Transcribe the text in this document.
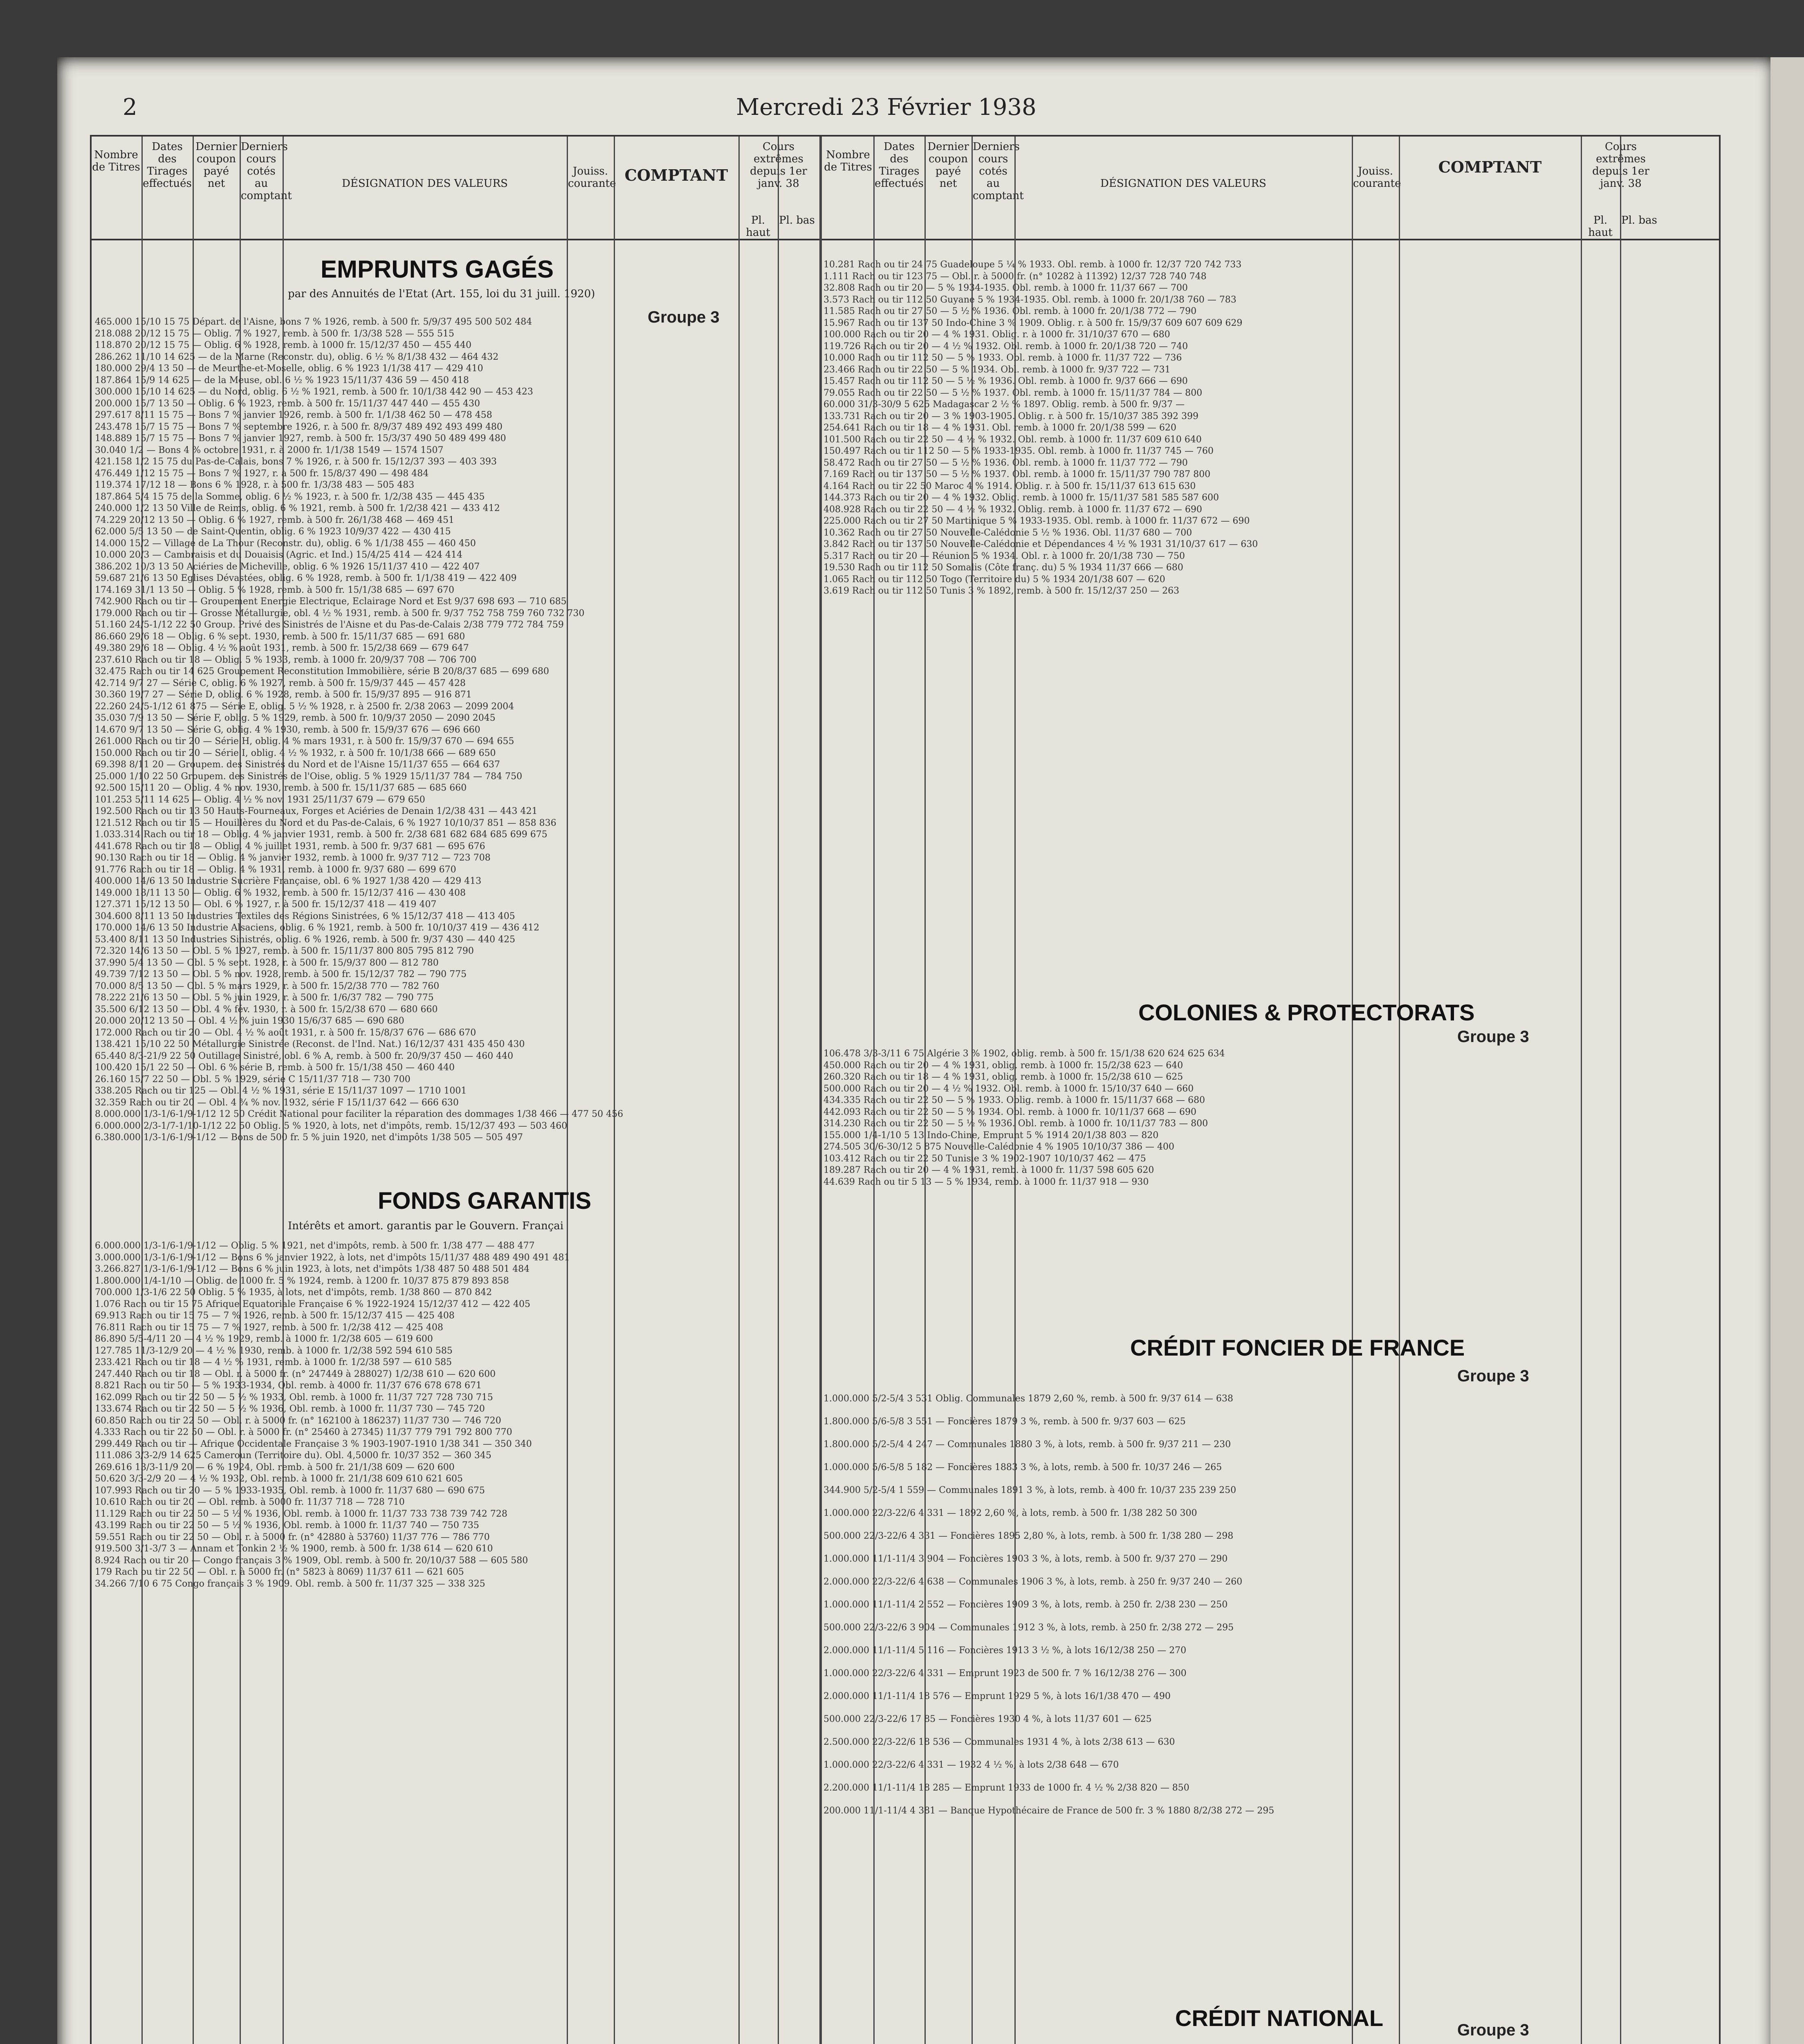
2	Mercredi 23 Février 1938
Nombre de Titres
Dates des Tirages effectués
Dernier coupon payé net
Derniers cours cotés au comptant
DÉSIGNATION DES VALEURS
Jouiss. courante COMPTANT
Cours extrêmes depuis 1er janv. 38
Pl. haut
Pl. bas
Nombre de Titres
Dates des Tirages effectués
Dernier coupon payé net
Derniers cours cotés au comptant
DÉSIGNATION DES VALEURS
Jouiss. courante
COMPTANT
Cours extrêmes depuis 1er janv. 38
Pl. haut
Pl. bas
EMPRUNTS GAGÉS
par des Annuités de l'Etat (Art. 155, loi du 31 juill. 1920)
Groupe 3
465.000 15/10 15 75 Départ. de l'Aisne, bons 7 % 1926, remb. à 500 fr. 5/9/37 495 500 502 484
218.088 20/12 15 75 — Oblig. 7 % 1927, remb. à 500 fr. 1/3/38 528 — 555 515
118.870 20/12 15 75 — Oblig. 6 % 1928, remb. à 1000 fr. 15/12/37 450 — 455 440
286.262 11/10 14 625 — de la Marne (Reconstr. du), oblig. 6 ½ % 8/1/38 432 — 464 432
180.000 29/4 13 50 — de Meurthe-et-Moselle, oblig. 6 % 1923 1/1/38 417 — 429 410
187.864 15/9 14 625 — de la Meuse, obl. 6 ½ % 1923 15/11/37 436 59 — 450 418
300.000 15/10 14 625 — du Nord, oblig. 6 ½ % 1921, remb. à 500 fr. 10/1/38 442 90 — 453 423
200.000 15/7 13 50 — Oblig. 6 % 1923, remb. à 500 fr. 15/11/37 447 440 — 455 430
297.617 8/11 15 75 — Bons 7 % janvier 1926, remb. à 500 fr. 1/1/38 462 50 — 478 458
243.478 15/7 15 75 — Bons 7 % septembre 1926, r. à 500 fr. 8/9/37 489 492 493 499 480
148.889 15/7 15 75 — Bons 7 % janvier 1927, remb. à 500 fr. 15/3/37 490 50 489 499 480
30.040 1/2 — Bons 4 % octobre 1931, r. à 2000 fr. 1/1/38 1549 — 1574 1507
421.158 1/2 15 75 du Pas-de-Calais, bons 7 % 1926, r. à 500 fr. 15/12/37 393 — 403 393
476.449 1/12 15 75 — Bons 7 % 1927, r. à 500 fr. 15/8/37 490 — 498 484
119.374 17/12 18 — Bons 6 % 1928, r. à 500 fr. 1/3/38 483 — 505 483
187.864 5/4 15 75 de la Somme, oblig. 6 ½ % 1923, r. à 500 fr. 1/2/38 435 — 445 435
240.000 1/2 13 50 Ville de Reims, oblig. 6 % 1921, remb. à 500 fr. 1/2/38 421 — 433 412
74.229 20/12 13 50 — Oblig. 6 % 1927, remb. à 500 fr. 26/1/38 468 — 469 451
62.000 5/5 13 50 — de Saint-Quentin, oblig. 6 % 1923 10/9/37 422 — 430 415
14.000 15/2 — Village de La Thour (Reconstr. du), oblig. 6 % 1/1/38 455 — 460 450
10.000 20/3 — Cambraisis et du Douaisis (Agric. et Ind.) 15/4/25 414 — 424 414
386.202 10/3 13 50 Aciéries de Micheville, oblig. 6 % 1926 15/11/37 410 — 422 407
59.687 21/6 13 50 Eglises Dévastées, oblig. 6 % 1928, remb. à 500 fr. 1/1/38 419 — 422 409
174.169 31/1 13 50 — Oblig. 5 % 1928, remb. à 500 fr. 15/1/38 685 — 697 670
742.900 Rach ou tir — Groupement Energie Electrique, Eclairage Nord et Est 9/37 698 693 — 710 685
179.000 Rach ou tir — Grosse Métallurgie, obl. 4 ½ % 1931, remb. à 500 fr. 9/37 752 758 759 760 732 730
51.160 24/5-1/12 22 50 Group. Privé des Sinistrés de l'Aisne et du Pas-de-Calais 2/38 779 772 784 759
86.660 29/6 18 — Oblig. 6 % sept. 1930, remb. à 500 fr. 15/11/37 685 — 691 680
49.380 29/6 18 — Oblig. 4 ½ % août 1931, remb. à 500 fr. 15/2/38 669 — 679 647
237.610 Rach ou tir 18 — Oblig. 5 % 1933, remb. à 1000 fr. 20/9/37 708 — 706 700
32.475 Rach ou tir 14 625 Groupement Reconstitution Immobilière, série B 20/8/37 685 — 699 680
42.714 9/7 27 — Série C, oblig. 6 % 1927, remb. à 500 fr. 15/9/37 445 — 457 428
30.360 19/7 27 — Série D, oblig. 6 % 1928, remb. à 500 fr. 15/9/37 895 — 916 871
22.260 24/5-1/12 61 875 — Série E, oblig. 5 ½ % 1928, r. à 2500 fr. 2/38 2063 — 2099 2004
35.030 7/9 13 50 — Série F, oblig. 5 % 1929, remb. à 500 fr. 10/9/37 2050 — 2090 2045
14.670 9/7 13 50 — Série G, oblig. 4 % 1930, remb. à 500 fr. 15/9/37 676 — 696 660
261.000 Rach ou tir 20 — Série H, oblig. 4 % mars 1931, r. à 500 fr. 15/9/37 670 — 694 655
150.000 Rach ou tir 20 — Série I, oblig. 4 ½ % 1932, r. à 500 fr. 10/1/38 666 — 689 650
69.398 8/11 20 — Groupem. des Sinistrés du Nord et de l'Aisne 15/11/37 655 — 664 637
25.000 1/10 22 50 Groupem. des Sinistrés de l'Oise, oblig. 5 % 1929 15/11/37 784 — 784 750
92.500 15/11 20 — Oblig. 4 % nov. 1930, remb. à 500 fr. 15/11/37 685 — 685 660
101.253 5/11 14 625 — Oblig. 4 ½ % nov. 1931 25/11/37 679 — 679 650
192.500 Rach ou tir 13 50 Hauts-Fourneaux, Forges et Aciéries de Denain 1/2/38 431 — 443 421
121.512 Rach ou tir 15 — Houillères du Nord et du Pas-de-Calais, 6 % 1927 10/10/37 851 — 858 836
1.033.314 Rach ou tir 18 — Oblig. 4 % janvier 1931, remb. à 500 fr. 2/38 681 682 684 685 699 675
441.678 Rach ou tir 18 — Oblig. 4 % juillet 1931, remb. à 500 fr. 9/37 681 — 695 676
90.130 Rach ou tir 18 — Oblig. 4 % janvier 1932, remb. à 1000 fr. 9/37 712 — 723 708
91.776 Rach ou tir 18 — Oblig. 4 % 1931, remb. à 1000 fr. 9/37 680 — 699 670
400.000 14/6 13 50 Industrie Sucrière Française, obl. 6 % 1927 1/38 420 — 429 413
149.000 18/11 13 50 — Oblig. 6 % 1932, remb. à 500 fr. 15/12/37 416 — 430 408
127.371 15/12 13 50 — Obl. 6 % 1927, r. à 500 fr. 15/12/37 418 — 419 407
304.600 8/11 13 50 Industries Textiles des Régions Sinistrées, 6 % 15/12/37 418 — 413 405
170.000 14/6 13 50 Industrie Alsaciens, oblig. 6 % 1921, remb. à 500 fr. 10/10/37 419 — 436 412
53.400 8/11 13 50 Industries Sinistrés, oblig. 6 % 1926, remb. à 500 fr. 9/37 430 — 440 425
72.320 14/6 13 50 — Obl. 5 % 1927, remb. à 500 fr. 15/11/37 800 805 795 812 790
37.990 5/4 13 50 — Obl. 5 % sept. 1928, r. à 500 fr. 15/9/37 800 — 812 780
49.739 7/12 13 50 — Obl. 5 % nov. 1928, remb. à 500 fr. 15/12/37 782 — 790 775
70.000 8/5 13 50 — Obl. 5 % mars 1929, r. à 500 fr. 15/2/38 770 — 782 760
78.222 21/6 13 50 — Obl. 5 % juin 1929, r. à 500 fr. 1/6/37 782 — 790 775
35.500 6/12 13 50 — Obl. 4 % fév. 1930, r. à 500 fr. 15/2/38 670 — 680 660
20.000 20/12 13 50 — Obl. 4 ½ % juin 1930 15/6/37 685 — 690 680
172.000 Rach ou tir 20 — Obl. 4 ½ % août 1931, r. à 500 fr. 15/8/37 676 — 686 670
138.421 15/10 22 50 Métallurgie Sinistrée (Reconst. de l'Ind. Nat.) 16/12/37 431 435 450 430
65.440 8/3-21/9 22 50 Outillage Sinistré, obl. 6 % A, remb. à 500 fr. 20/9/37 450 — 460 440
100.420 15/1 22 50 — Obl. 6 % série B, remb. à 500 fr. 15/1/38 450 — 460 440
26.160 15/7 22 50 — Obl. 5 % 1929, série C 15/11/37 718 — 730 700
338.205 Rach ou tir 125 — Obl. 4 ½ % 1931, série E 15/11/37 1097 — 1710 1001
32.359 Rach ou tir 20 — Obl. 4 ¾ % nov. 1932, série F 15/11/37 642 — 666 630
8.000.000 1/3-1/6-1/9-1/12 12 50 Crédit National pour faciliter la réparation des dommages 1/38 466 — 477 50 456
6.000.000 2/3-1/7-1/10-1/12 22 50 Oblig. 5 % 1920, à lots, net d'impôts, remb. 15/12/37 493 — 503 460
6.380.000 1/3-1/6-1/9-1/12 — Bons de 500 fr. 5 % juin 1920, net d'impôts 1/38 505 — 505 497
FONDS GARANTIS
Intérêts et amort. garantis par le Gouvern. Françai
6.000.000 1/3-1/6-1/9-1/12 — Oblig. 5 % 1921, net d'impôts, remb. à 500 fr. 1/38 477 — 488 477
3.000.000 1/3-1/6-1/9-1/12 — Bons 6 % janvier 1922, à lots, net d'impôts 15/11/37 488 489 490 491 481
3.266.827 1/3-1/6-1/9-1/12 — Bons 6 % juin 1923, à lots, net d'impôts 1/38 487 50 488 501 484
1.800.000 1/4-1/10 — Oblig. de 1000 fr. 5 % 1924, remb. à 1200 fr. 10/37 875 879 893 858
700.000 1/3-1/6 22 50 Oblig. 5 % 1935, à lots, net d'impôts, remb. 1/38 860 — 870 842
1.076 Rach ou tir 15 75 Afrique Equatoriale Française 6 % 1922-1924 15/12/37 412 — 422 405
69.913 Rach ou tir 15 75 — 7 % 1926, remb. à 500 fr. 15/12/37 415 — 425 408
76.811 Rach ou tir 15 75 — 7 % 1927, remb. à 500 fr. 1/2/38 412 — 425 408
86.890 5/5-4/11 20 — 4 ½ % 1929, remb. à 1000 fr. 1/2/38 605 — 619 600
127.785 11/3-12/9 20 — 4 ½ % 1930, remb. à 1000 fr. 1/2/38 592 594 610 585
233.421 Rach ou tir 18 — 4 ½ % 1931, remb. à 1000 fr. 1/2/38 597 — 610 585
247.440 Rach ou tir 18 — Obl. r. à 5000 fr. (n° 247449 à 288027) 1/2/38 610 — 620 600
8.821 Rach ou tir 50 — 5 % 1933-1934, Obl. remb. à 4000 fr. 11/37 676 678 678 671
162.099 Rach ou tir 22 50 — 5 ½ % 1933, Obl. remb. à 1000 fr. 11/37 727 728 730 715
133.674 Rach ou tir 22 50 — 5 ½ % 1936, Obl. remb. à 1000 fr. 11/37 730 — 745 720
60.850 Rach ou tir 22 50 — Obl. r. à 5000 fr. (n° 162100 à 186237) 11/37 730 — 746 720
4.333 Rach ou tir 22 50 — Obl. r. à 5000 fr. (n° 25460 à 27345) 11/37 779 791 792 800 770
299.449 Rach ou tir — Afrique Occidentale Française 3 % 1903-1907-1910 1/38 341 — 350 340
111.086 3/3-2/9 14 625 Cameroun (Territoire du). Obl. 4,5000 fr. 10/37 352 — 360 345
269.616 13/3-11/9 20 — 6 % 1924, Obl. remb. à 500 fr. 21/1/38 609 — 620 600
50.620 3/3-2/9 20 — 4 ½ % 1932, Obl. remb. à 1000 fr. 21/1/38 609 610 621 605
107.993 Rach ou tir 20 — 5 % 1933-1935, Obl. remb. à 1000 fr. 11/37 680 — 690 675
10.610 Rach ou tir 20 — Obl. remb. à 5000 fr. 11/37 718 — 728 710
11.129 Rach ou tir 22 50 — 5 ½ % 1936, Obl. remb. à 1000 fr. 11/37 733 738 739 742 728
43.199 Rach ou tir 22 50 — 5 ½ % 1936, Obl. remb. à 1000 fr. 11/37 740 — 750 735
59.551 Rach ou tir 22 50 — Obl. r. à 5000 fr. (n° 42880 à 53760) 11/37 776 — 786 770
919.500 3/1-3/7 3 — Annam et Tonkin 2 ½ % 1900, remb. à 500 fr. 1/38 614 — 620 610
8.924 Rach ou tir 20 — Congo français 3 % 1909, Obl. remb. à 500 fr. 20/10/37 588 — 605 580
179 Rach ou tir 22 50 — Obl. r. à 5000 fr. (n° 5823 à 8069) 11/37 611 — 621 605
34.266 7/10 6 75 Congo français 3 % 1909. Obl. remb. à 500 fr. 11/37 325 — 338 325
10.281 Rach ou tir 24 75 Guadeloupe 5 ¼ % 1933. Obl. remb. à 1000 fr. 12/37 720 742 733
1.111 Rach ou tir 123 75 — Obl. r. à 5000 fr. (n° 10282 à 11392) 12/37 728 740 748
32.808 Rach ou tir 20 — 5 % 1934-1935. Obl. remb. à 1000 fr. 11/37 667 — 700
3.573 Rach ou tir 112 50 Guyane 5 % 1934-1935. Obl. remb. à 1000 fr. 20/1/38 760 — 783
11.585 Rach ou tir 27 50 — 5 ½ % 1936. Obl. remb. à 1000 fr. 20/1/38 772 — 790
15.967 Rach ou tir 137 50 Indo-Chine 3 % 1909. Oblig. r. à 500 fr. 15/9/37 609 607 609 629
100.000 Rach ou tir 20 — 4 % 1931. Oblig. r. à 1000 fr. 31/10/37 670 — 680
119.726 Rach ou tir 20 — 4 ½ % 1932. Obl. remb. à 1000 fr. 20/1/38 720 — 740
10.000 Rach ou tir 112 50 — 5 % 1933. Obl. remb. à 1000 fr. 11/37 722 — 736
23.466 Rach ou tir 22 50 — 5 % 1934. Obl. remb. à 1000 fr. 9/37 722 — 731
15.457 Rach ou tir 112 50 — 5 ½ % 1936. Obl. remb. à 1000 fr. 9/37 666 — 690
79.055 Rach ou tir 22 50 — 5 ½ % 1937. Obl. remb. à 1000 fr. 15/11/37 784 — 800
60.000 31/3-30/9 5 625 Madagascar 2 ½ % 1897. Oblig. remb. à 500 fr. 9/37 —
133.731 Rach ou tir 20 — 3 % 1903-1905. Oblig. r. à 500 fr. 15/10/37 385 392 399
254.641 Rach ou tir 18 — 4 % 1931. Obl. remb. à 1000 fr. 20/1/38 599 — 620
101.500 Rach ou tir 22 50 — 4 ½ % 1932. Obl. remb. à 1000 fr. 11/37 609 610 640
150.497 Rach ou tir 112 50 — 5 % 1933-1935. Obl. remb. à 1000 fr. 11/37 745 — 760
58.472 Rach ou tir 27 50 — 5 ½ % 1936. Obl. remb. à 1000 fr. 11/37 772 — 790
7.169 Rach ou tir 137 50 — 5 ½ % 1937. Obl. remb. à 1000 fr. 15/11/37 790 787 800
4.164 Rach ou tir 22 50 Maroc 4 % 1914. Oblig. r. à 500 fr. 15/11/37 613 615 630
144.373 Rach ou tir 20 — 4 % 1932. Oblig. remb. à 1000 fr. 15/11/37 581 585 587 600
408.928 Rach ou tir 22 50 — 4 ½ % 1932. Oblig. remb. à 1000 fr. 11/37 672 — 690
225.000 Rach ou tir 27 50 Martinique 5 % 1933-1935. Obl. remb. à 1000 fr. 11/37 672 — 690
10.362 Rach ou tir 27 50 Nouvelle-Calédonie 5 ½ % 1936. Obl. 11/37 680 — 700
3.842 Rach ou tir 137 50 Nouvelle-Calédonie et Dépendances 4 ½ % 1931 31/10/37 617 — 630
5.317 Rach ou tir 20 — Réunion 5 % 1934. Obl. r. à 1000 fr. 20/1/38 730 — 750
19.530 Rach ou tir 112 50 Somalis (Côte franç. du) 5 % 1934 11/37 666 — 680
1.065 Rach ou tir 112 50 Togo (Territoire du) 5 % 1934 20/1/38 607 — 620
3.619 Rach ou tir 112 50 Tunis 3 % 1892, remb. à 500 fr. 15/12/37 250 — 263
COLONIES & PROTECTORATS
Groupe 3
106.478 3/3-3/11 6 75 Algérie 3 % 1902, oblig. remb. à 500 fr. 15/1/38 620 624 625 634
450.000 Rach ou tir 20 — 4 % 1931, oblig. remb. à 1000 fr. 15/2/38 623 — 640
260.320 Rach ou tir 18 — 4 % 1931, oblig. remb. à 1000 fr. 15/2/38 610 — 625
500.000 Rach ou tir 20 — 4 ½ % 1932. Obl. remb. à 1000 fr. 15/10/37 640 — 660
434.335 Rach ou tir 22 50 — 5 % 1933. Oblig. remb. à 1000 fr. 15/11/37 668 — 680
442.093 Rach ou tir 22 50 — 5 % 1934. Obl. remb. à 1000 fr. 10/11/37 668 — 690
314.230 Rach ou tir 22 50 — 5 ½ % 1936. Obl. remb. à 1000 fr. 10/11/37 783 — 800
155.000 1/4-1/10 5 13 Indo-Chine, Emprunt 5 % 1914 20/1/38 803 — 820
274.505 30/6-30/12 5 875 Nouvelle-Calédonie 4 % 1905 10/10/37 386 — 400
103.412 Rach ou tir 22 50 Tunisie 3 % 1902-1907 10/10/37 462 — 475
189.287 Rach ou tir 20 — 4 % 1931, remb. à 1000 fr. 11/37 598 605 620
44.639 Rach ou tir 5 13 — 5 % 1934, remb. à 1000 fr. 11/37 918 — 930
CRÉDIT FONCIER DE FRANCE
Groupe 3
1.000.000 5/2-5/4 3 531 Oblig. Communales 1879 2,60 %, remb. à 500 fr. 9/37 614 — 638
1.800.000 5/6-5/8 3 551 — Foncières 1879 3 %, remb. à 500 fr. 9/37 603 — 625
1.800.000 5/2-5/4 4 247 — Communales 1880 3 %, à lots, remb. à 500 fr. 9/37 211 — 230
1.000.000 5/6-5/8 5 182 — Foncières 1883 3 %, à lots, remb. à 500 fr. 10/37 246 — 265
344.900 5/2-5/4 1 559 — Communales 1891 3 %, à lots, remb. à 400 fr. 10/37 235 239 250
1.000.000 22/3-22/6 4 331 — 1892 2,60 %, à lots, remb. à 500 fr. 1/38 282 50 300
500.000 22/3-22/6 4 331 — Foncières 1895 2,80 %, à lots, remb. à 500 fr. 1/38 280 — 298
1.000.000 11/1-11/4 3 904 — Foncières 1903 3 %, à lots, remb. à 500 fr. 9/37 270 — 290
2.000.000 22/3-22/6 4 638 — Communales 1906 3 %, à lots, remb. à 250 fr. 9/37 240 — 260
1.000.000 11/1-11/4 2 552 — Foncières 1909 3 %, à lots, remb. à 250 fr. 2/38 230 — 250
500.000 22/3-22/6 3 904 — Communales 1912 3 %, à lots, remb. à 250 fr. 2/38 272 — 295
2.000.000 11/1-11/4 5 116 — Foncières 1913 3 ½ %, à lots 16/12/38 250 — 270
1.000.000 22/3-22/6 4 331 — Emprunt 1923 de 500 fr. 7 % 16/12/38 276 — 300
2.000.000 11/1-11/4 18 576 — Emprunt 1929 5 %, à lots 16/1/38 470 — 490
500.000 22/3-22/6 17 85 — Foncières 1930 4 %, à lots 11/37 601 — 625
2.500.000 22/3-22/6 18 536 — Communales 1931 4 %, à lots 2/38 613 — 630
1.000.000 22/3-22/6 4 331 — 1932 4 ½ %, à lots 2/38 648 — 670
2.200.000 11/1-11/4 18 285 — Emprunt 1933 de 1000 fr. 4 ½ % 2/38 820 — 850
200.000 11/1-11/4 4 381 — Banque Hypothécaire de France de 500 fr. 3 % 1880 8/2/38 272 — 295
CRÉDIT NATIONAL	Groupe 3
